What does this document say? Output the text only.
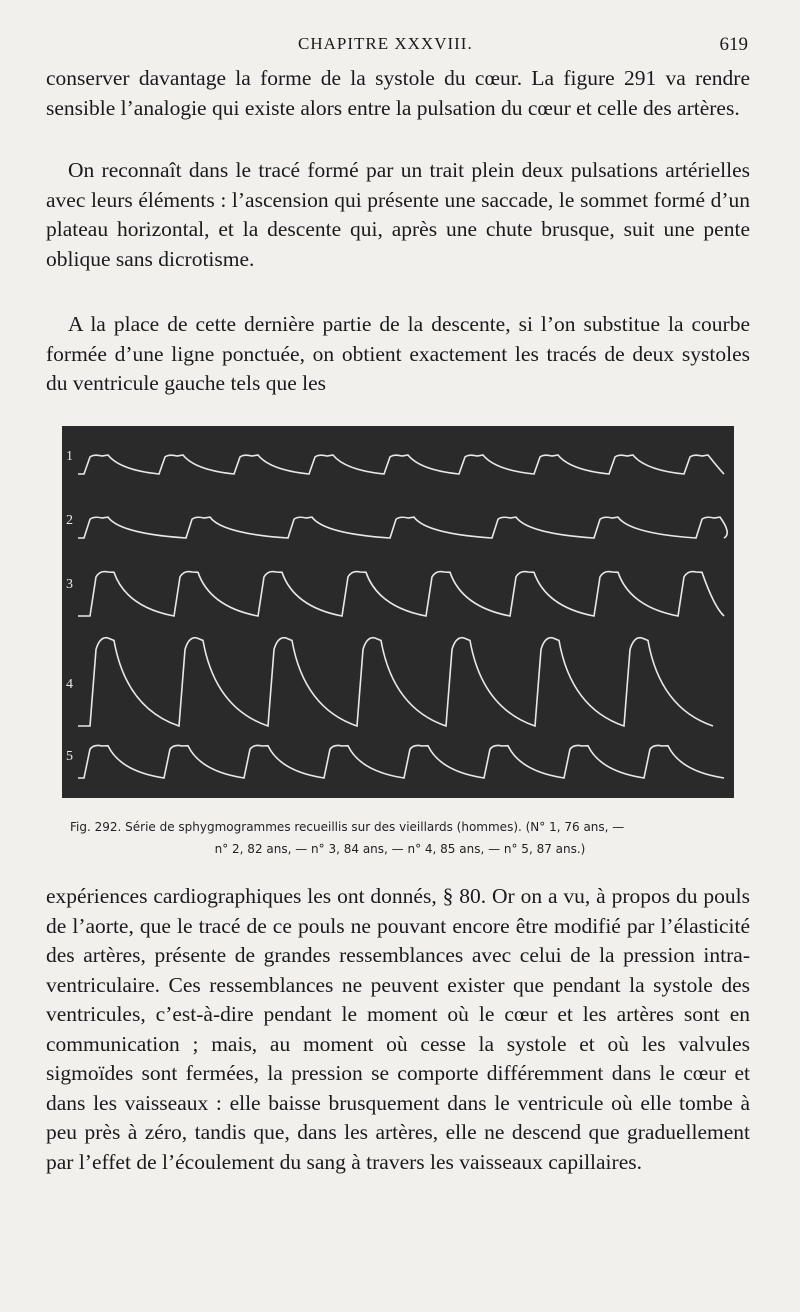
CHAPITRE XXXVIII.	619

conserver davantage la forme de la systole du cœur. La figure 291 va rendre sensible l’analogie qui existe alors entre la pulsation du cœur et celle des artères.

On reconnaît dans le tracé formé par un trait plein deux pulsations artérielles avec leurs éléments : l’ascension qui présente une saccade, le sommet formé d’un plateau horizontal, et la descente qui, après une chute brusque, suit une pente oblique sans dicrotisme.

A la place de cette dernière partie de la descente, si l’on substitue la courbe formée d’une ligne ponctuée, on obtient exactement les tracés de deux systoles du ventricule gauche tels que les

1
2
3
4
5
Fig. 292. Série de sphygmogrammes recueillis sur des vieillards (hommes). (N° 1, 76 ans, —
n° 2, 82 ans, — n° 3, 84 ans, — n° 4, 85 ans, — n° 5, 87 ans.)

expériences cardiographiques les ont donnés, § 80. Or on a vu, à propos du pouls de l’aorte, que le tracé de ce pouls ne pouvant encore être modifié par l’élasticité des artères, présente de grandes ressemblances avec celui de la pression intra-ventriculaire. Ces ressemblances ne peuvent exister que pendant la systole des ventricules, c’est-à-dire pendant le moment où le cœur et les artères sont en communication ; mais, au moment où cesse la systole et où les valvules sigmoïdes sont fermées, la pression se comporte différemment dans le cœur et dans les vaisseaux : elle baisse brusquement dans le ventricule où elle tombe à peu près à zéro, tandis que, dans les artères, elle ne descend que graduellement par l’effet de l’écoulement du sang à travers les vaisseaux capillaires.
